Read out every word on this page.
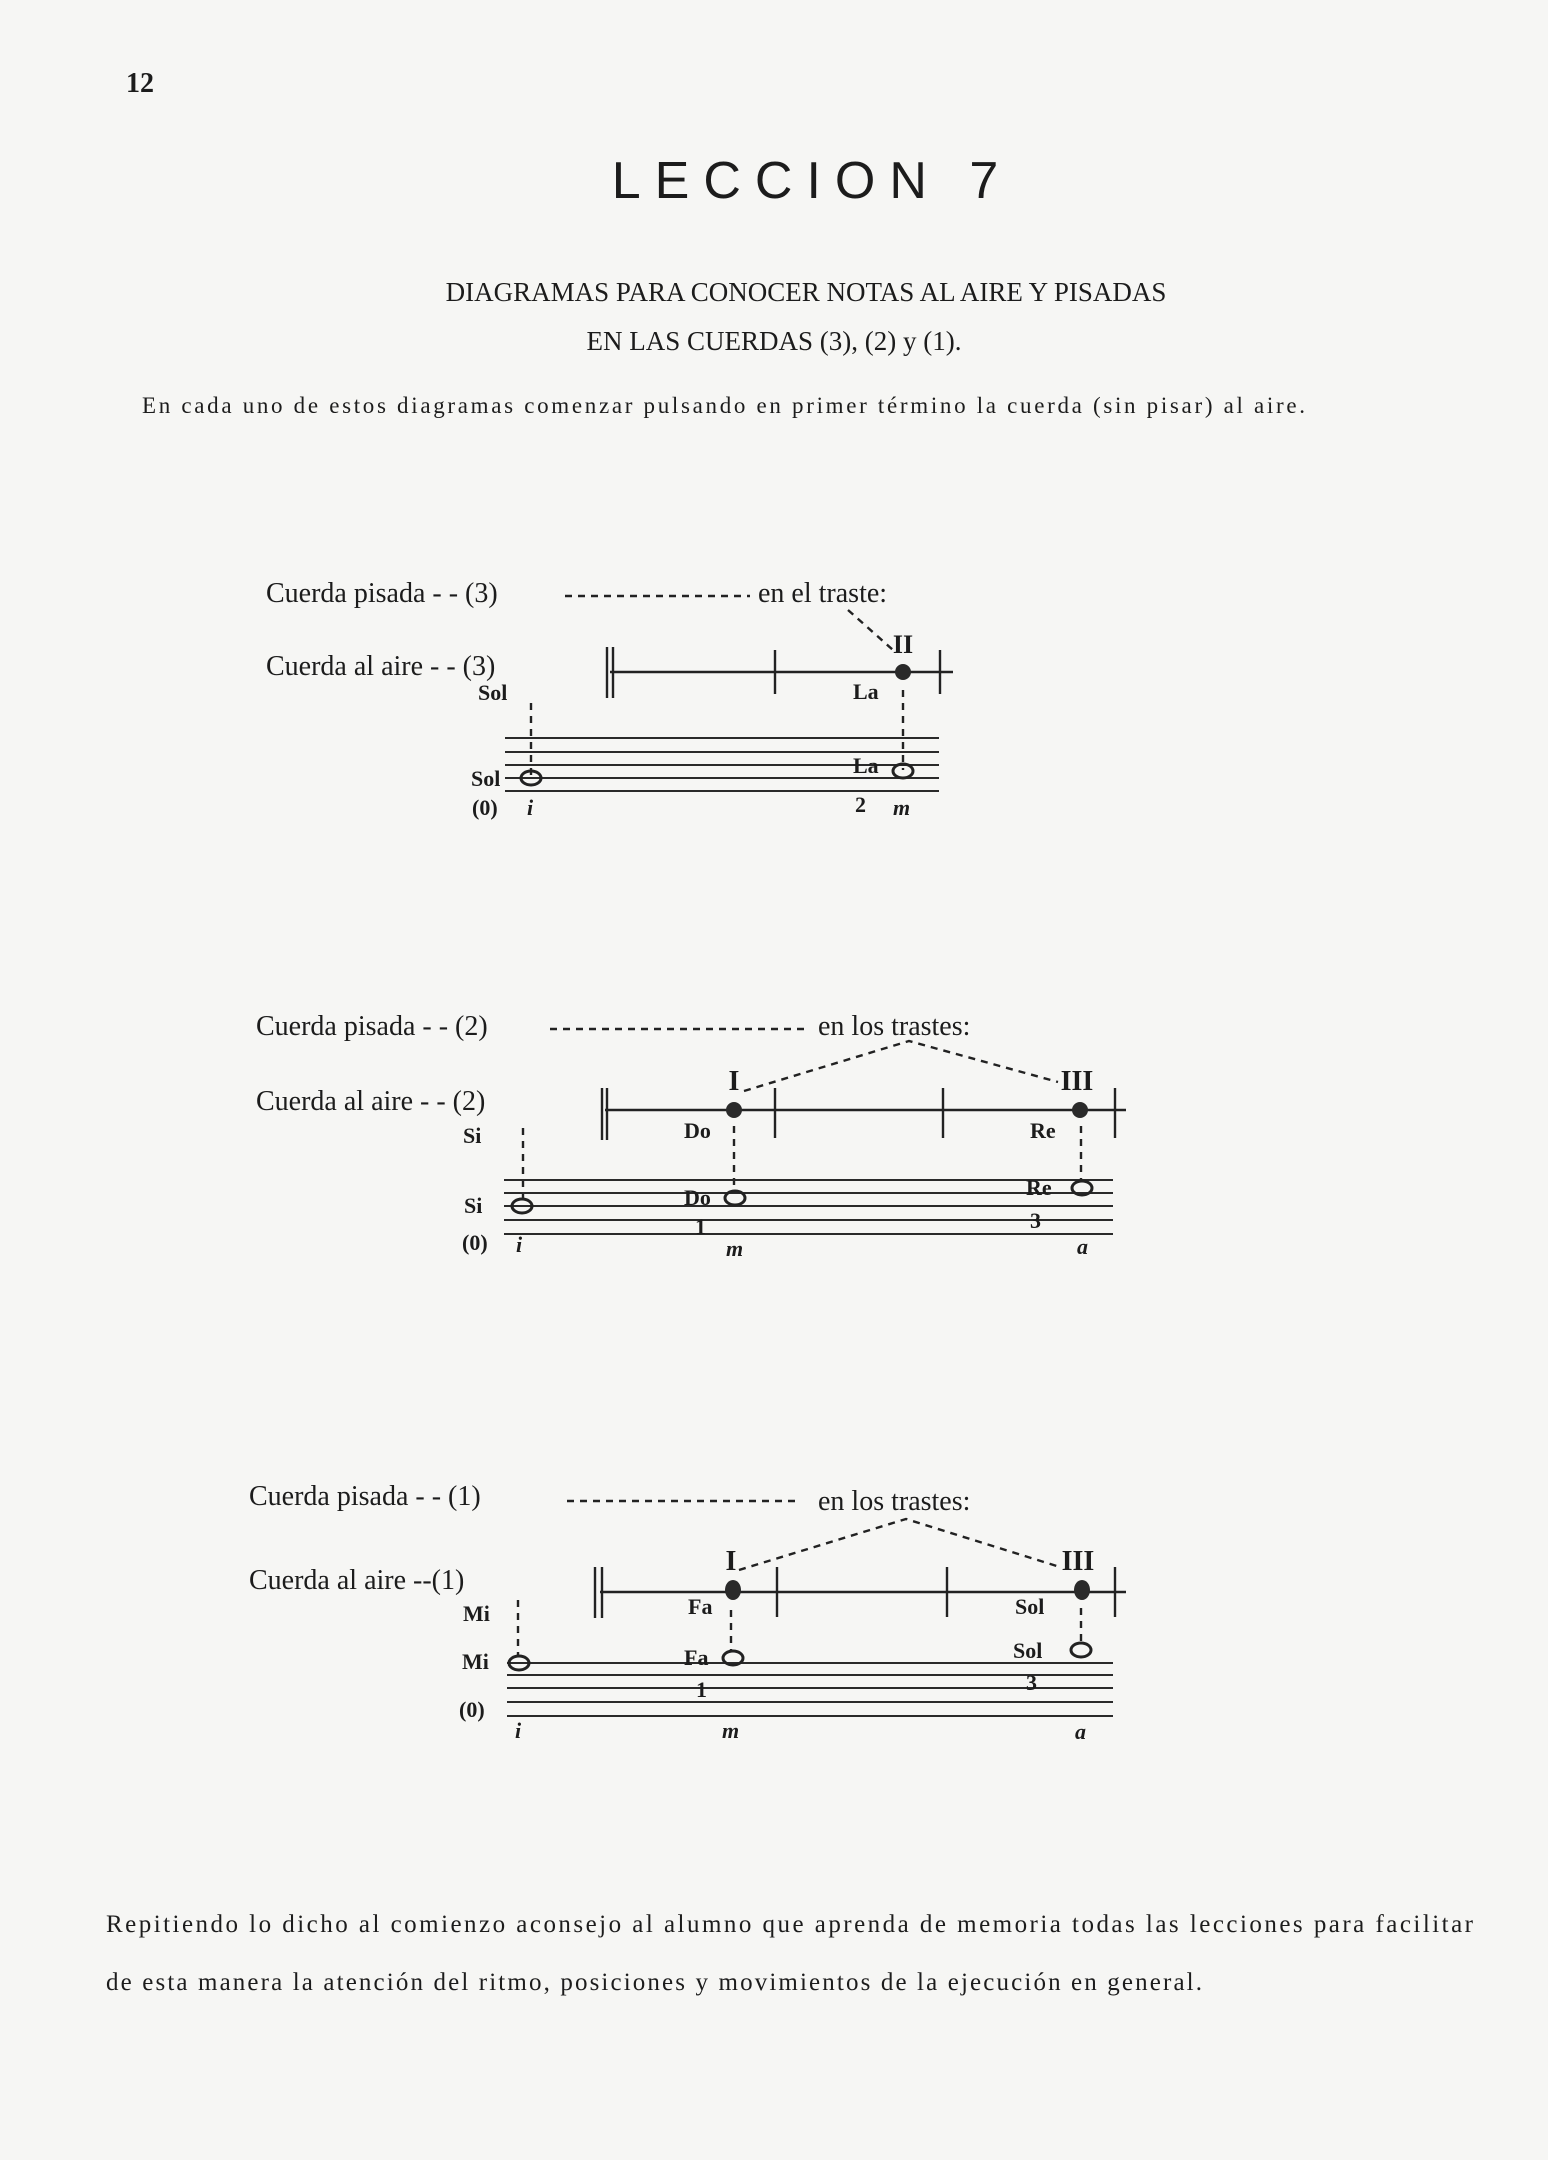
12
LECCION 7
DIAGRAMAS PARA CONOCER NOTAS AL AIRE Y PISADAS
EN LAS CUERDAS (3), (2) y (1).
En cada uno de estos diagramas comenzar pulsando en primer término la cuerda (sin pisar) al aire.
Cuerda pisada - - (3)	en el traste:
Cuerda al aire - - (3)
Sol
II
La
Sol
(0) i
La
2 m
Cuerda pisada - - (2)	en los trastes:
Cuerda al aire - - (2)
Si
I	III
Do	Re
Si
(0) i
Do	Re
1	3
m	a
Cuerda pisada - - (1)	en los trastes:
Cuerda al aire --(1)
Mi
I	III
Fa	Sol
Mi
(0)
i
Fa	Sol
1	3
m	a
Repitiendo lo dicho al comienzo aconsejo al alumno que aprenda de memoria todas las lecciones para facilitar
de esta manera la atención del ritmo, posiciones y movimientos de la ejecución en general.
